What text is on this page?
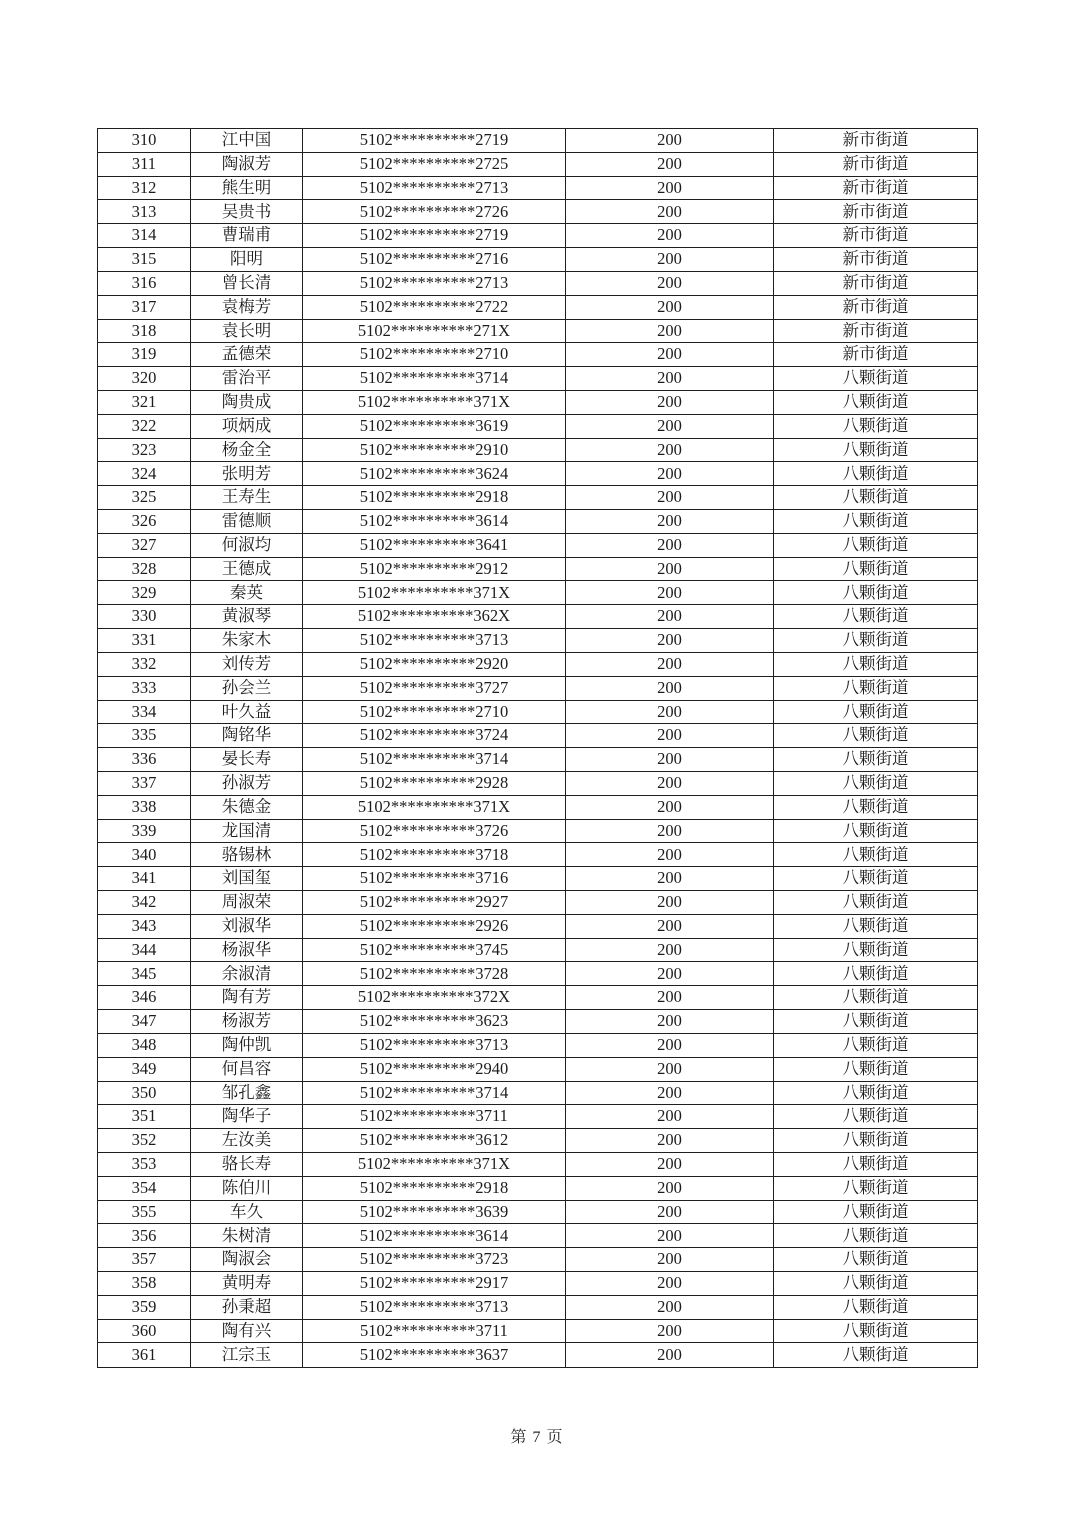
310	江中国	5102**********2719	200	新市街道
311	陶淑芳	5102**********2725	200	新市街道
312	熊生明	5102**********2713	200	新市街道
313	吴贵书	5102**********2726	200	新市街道
314	曹瑞甫	5102**********2719	200	新市街道
315	阳明	5102**********2716	200	新市街道
316	曾长清	5102**********2713	200	新市街道
317	袁梅芳	5102**********2722	200	新市街道
318	袁长明	5102**********271X	200	新市街道
319	孟德荣	5102**********2710	200	新市街道
320	雷治平	5102**********3714	200	八颗街道
321	陶贵成	5102**********371X	200	八颗街道
322	项炳成	5102**********3619	200	八颗街道
323	杨金全	5102**********2910	200	八颗街道
324	张明芳	5102**********3624	200	八颗街道
325	王寿生	5102**********2918	200	八颗街道
326	雷德顺	5102**********3614	200	八颗街道
327	何淑均	5102**********3641	200	八颗街道
328	王德成	5102**********2912	200	八颗街道
329	秦英	5102**********371X	200	八颗街道
330	黄淑琴	5102**********362X	200	八颗街道
331	朱家木	5102**********3713	200	八颗街道
332	刘传芳	5102**********2920	200	八颗街道
333	孙会兰	5102**********3727	200	八颗街道
334	叶久益	5102**********2710	200	八颗街道
335	陶铭华	5102**********3724	200	八颗街道
336	晏长寿	5102**********3714	200	八颗街道
337	孙淑芳	5102**********2928	200	八颗街道
338	朱德金	5102**********371X	200	八颗街道
339	龙国清	5102**********3726	200	八颗街道
340	骆锡林	5102**********3718	200	八颗街道
341	刘国玺	5102**********3716	200	八颗街道
342	周淑荣	5102**********2927	200	八颗街道
343	刘淑华	5102**********2926	200	八颗街道
344	杨淑华	5102**********3745	200	八颗街道
345	余淑清	5102**********3728	200	八颗街道
346	陶有芳	5102**********372X	200	八颗街道
347	杨淑芳	5102**********3623	200	八颗街道
348	陶仲凯	5102**********3713	200	八颗街道
349	何昌容	5102**********2940	200	八颗街道
350	邹孔鑫	5102**********3714	200	八颗街道
351	陶华子	5102**********3711	200	八颗街道
352	左汝美	5102**********3612	200	八颗街道
353	骆长寿	5102**********371X	200	八颗街道
354	陈伯川	5102**********2918	200	八颗街道
355	车久	5102**********3639	200	八颗街道
356	朱树清	5102**********3614	200	八颗街道
357	陶淑会	5102**********3723	200	八颗街道
358	黄明寿	5102**********2917	200	八颗街道
359	孙秉超	5102**********3713	200	八颗街道
360	陶有兴	5102**********3711	200	八颗街道
361	江宗玉	5102**********3637	200	八颗街道
第 7 页
